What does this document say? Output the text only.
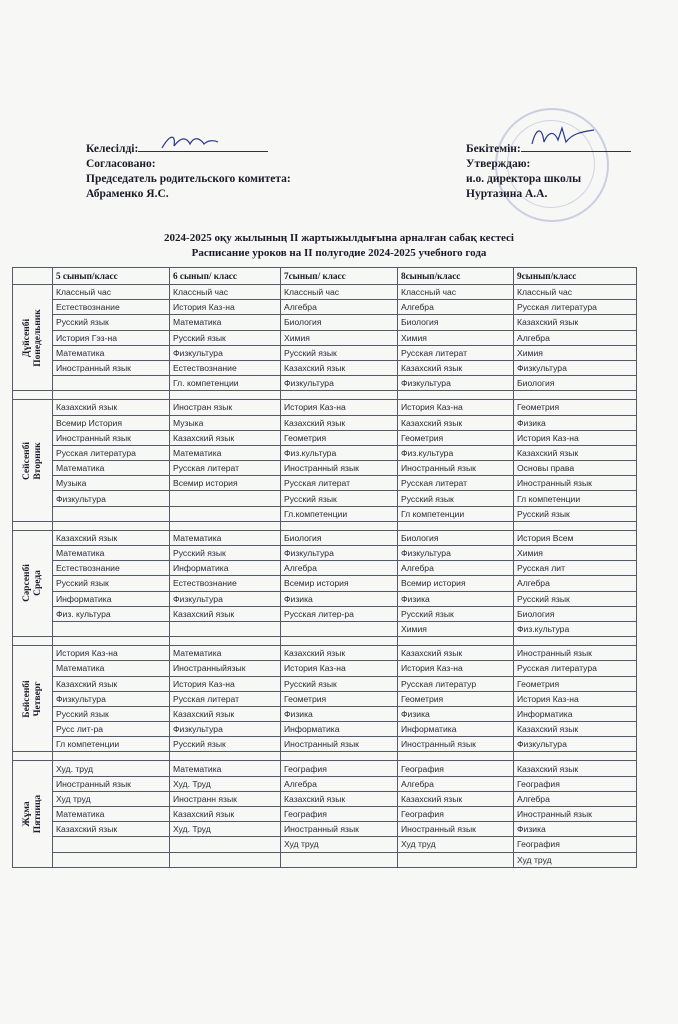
Келесілді:
Согласовано:
Председатель родительского комитета:
Абраменко Я.С.
Бекітемін:
Утверждаю:
и.о. директора школы
Нуртазина А.А.
2024-2025 оқу жылының ІІ жартыжылдығына арналған сабақ кестесі
Расписание уроков на ІІ полугодие 2024-2025 учебного года
	5 сынып/класс	6 сынып/ класс	7сынып/ класс	8сынып/класс	9сынып/класс

Дүйсенбі Понедельник	Классный час	Классный час	Классный час	Классный час	Классный час
	Естествознание	История Каз-на	Алгебра	Алгебра	Русская литература
	Русский язык	Математика	Биология	Биология	Казахский язык
	История Гэз-на	Русский язык	Химия	Химия	Алгебра
	Математика	Физкультура	Русский язык	Русская литерат	Химия
	Иностранный язык	Естествознание	Казахский язык	Казахский язык	Физкультура
		Гл. компетенции	Физкультура	Физкультура	Биология

Сейсенбі Вторник	Казахский язык	Иностран язык	История Каз-на	История Каз-на	Геометрия
	Всемир История	Музыка	Казахский язык	Казахский язык	Физика
	Иностранный язык	Казахский язык	Геометрия	Геометрия	История Каз-на
	Русская литература	Математика	Физ.культура	Физ.культура	Казахский язык
	Математика	Русская литерат	Иностранный язык	Иностранный язык	Основы права
	Музыка	Всемир история	Русская литерат	Русская литерат	Иностранный язык
	Физкультура		Русский язык	Русский язык	Гл компетенции
			Гл.компетенции	Гл компетенции	Русский язык

Сәрсенбі Среда	Казахский язык	Математика	Биология	Биология	История Всем
	Математика	Русский язык	Физкультура	Физкультура	Химия
	Естествознание	Информатика	Алгебра	Алгебра	Русская лит
	Русский язык	Естествознание	Всемир история	Всемир история	Алгебра
	Информатика	Физкультура	Физика	Физика	Русский язык
	Физ. культура	Казахский язык	Русская литер-ра	Русский язык	Биология
				Химия	Физ.культура

Бейсенбі Четверг	История Каз-на	Математика	Казахский язык	Казахский язык	Иностранный язык
	Математика	Иностранныйязык	История Каз-на	История Каз-на	Русская литература
	Казахский язык	История Каз-на	Русский язык	Русская литератур	Геометрия
	Физкультура	Русская литерат	Геометрия	Геометрия	История Каз-на
	Русский язык	Казахский язык	Физика	Физика	Информатика
	Русс лит-ра	Физкультура	Информатика	Информатика	Казахский язык
	Гл компетенции	Русский язык	Иностранный язык	Иностранный язык	Физкультура

Жұма Пятница	Худ. труд	Математика	География	География	Казахский язык
	Иностранный язык	Худ. Труд	Алгебра	Алгебра	География
	Худ труд	Иностранн язык	Казахский язык	Казахский язык	Алгебра
	Математика	Казахский язык	География	География	Иностранный язык
	Казахский язык	Худ. Труд	Иностранный язык	Иностранный язык	Физика
			Худ труд	Худ труд	География
					Худ труд
